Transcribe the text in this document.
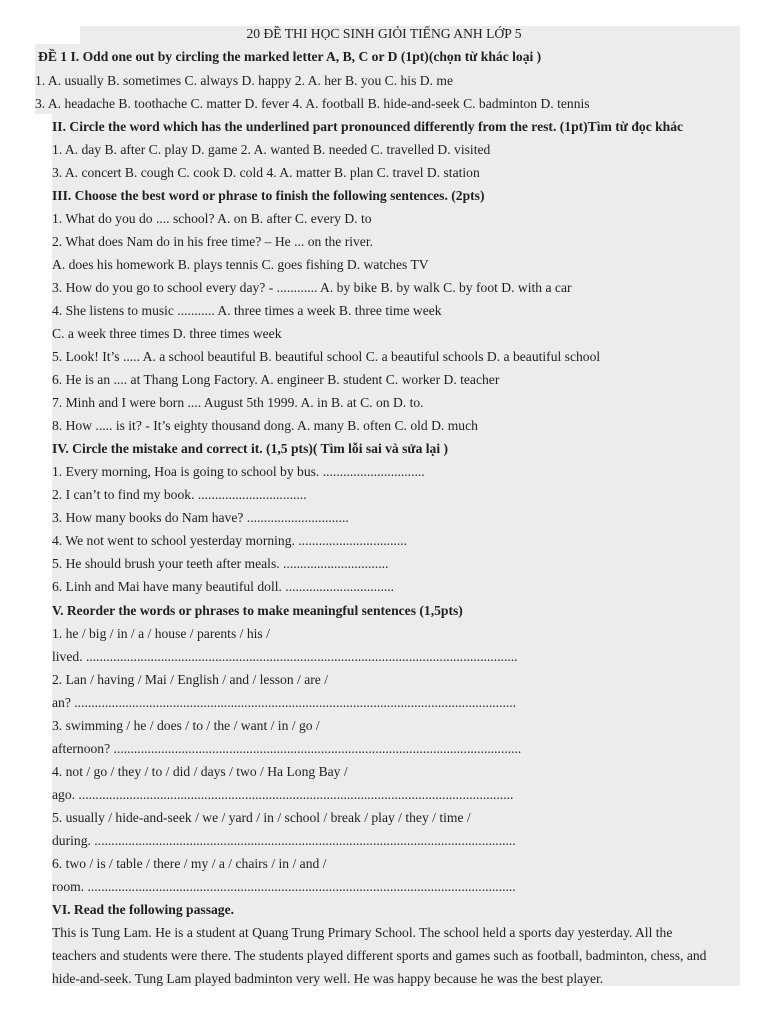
20 ĐỀ THI HỌC SINH GIỎI TIẾNG ANH LỚP 5
ĐỀ 1 I. Odd one out by circling the marked letter A, B, C or D (1pt)(chọn từ khác loại )
1. A. usually B. sometimes C. always D. happy 2. A. her B. you C. his D. me
3. A. headache B. toothache C. matter D. fever 4. A. football B. hide-and-seek C. badminton D. tennis
II. Circle the word which has the underlined part pronounced differently from the rest. (1pt)Tìm từ đọc khác
1. A. day B. after C. play D. game 2. A. wanted B. needed C. travelled D. visited
3. A. concert B. cough C. cook D. cold 4. A. matter B. plan C. travel D. station
III. Choose the best word or phrase to finish the following sentences. (2pts)
1. What do you do .... school? A. on B. after C. every D. to
2. What does Nam do in his free time? – He ... on the river.
A. does his homework B. plays tennis C. goes fishing D. watches TV
3. How do you go to school every day? - ............ A. by bike B. by walk C. by foot D. with a car
4. She listens to music ........... A. three times a week B. three time week
C. a week three times D. three times week
5. Look! It’s ..... A. a school beautiful B. beautiful school C. a beautiful schools D. a beautiful school
6. He is an .... at Thang Long Factory. A. engineer B. student C. worker D. teacher
7. Minh and I were born .... August 5th 1999. A. in B. at C. on D. to.
8. How ..... is it? - It’s eighty thousand dong. A. many B. often C. old D. much
IV. Circle the mistake and correct it. (1,5 pts)( Tìm lỗi sai và sửa lại )
1. Every morning, Hoa is going to school by bus. ..............................
2. I can’t to find my book. ................................
3. How many books do Nam have? ..............................
4. We not went to school yesterday morning. ................................
5. He should brush your teeth after meals. ...............................
6. Linh and Mai have many beautiful doll. ................................
V. Reorder the words or phrases to make meaningful sentences (1,5pts)
1. he / big / in / a / house / parents / his /
lived. ...............................................................................................................................
2. Lan / having / Mai / English / and / lesson / are /
an? ..................................................................................................................................
3. swimming / he / does / to / the / want / in / go /
afternoon? ........................................................................................................................
4. not / go / they / to / did / days / two / Ha Long Bay /
ago. ................................................................................................................................
5. usually / hide-and-seek / we / yard / in / school / break / play / they / time /
during. ............................................................................................................................
6. two / is / table / there / my / a / chairs / in / and /
room. ..............................................................................................................................
VI. Read the following passage.
This is Tung Lam. He is a student at Quang Trung Primary School. The school held a sports day yesterday. All the
teachers and students were there. The students played different sports and games such as football, badminton, chess, and
hide-and-seek. Tung Lam played badminton very well. He was happy because he was the best player.
